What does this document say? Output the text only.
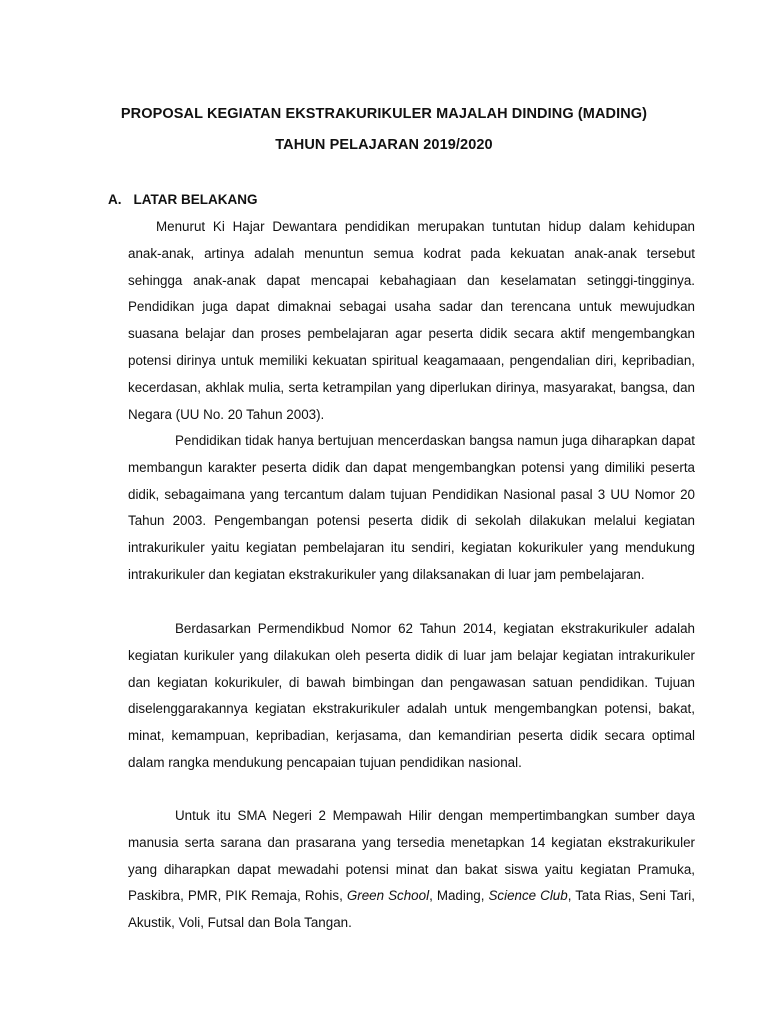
PROPOSAL KEGIATAN EKSTRAKURIKULER MAJALAH DINDING (MADING)
TAHUN PELAJARAN 2019/2020
A. LATAR BELAKANG

Menurut Ki Hajar Dewantara pendidikan merupakan tuntutan hidup dalam kehidupan anak-anak, artinya adalah menuntun semua kodrat pada kekuatan anak-anak tersebut sehingga anak-anak dapat mencapai kebahagiaan dan keselamatan setinggi-tingginya. Pendidikan juga dapat dimaknai sebagai usaha sadar dan terencana untuk mewujudkan suasana belajar dan proses pembelajaran agar peserta didik secara aktif mengembangkan potensi dirinya untuk memiliki kekuatan spiritual keagamaaan, pengendalian diri, kepribadian, kecerdasan, akhlak mulia, serta ketrampilan yang diperlukan dirinya, masyarakat, bangsa, dan Negara (UU No. 20 Tahun 2003).

Pendidikan tidak hanya bertujuan mencerdaskan bangsa namun juga diharapkan dapat membangun karakter peserta didik dan dapat mengembangkan potensi yang dimiliki peserta didik, sebagaimana yang tercantum dalam tujuan Pendidikan Nasional pasal 3 UU Nomor 20 Tahun 2003. Pengembangan potensi peserta didik di sekolah dilakukan melalui kegiatan intrakurikuler yaitu kegiatan pembelajaran itu sendiri, kegiatan kokurikuler yang mendukung intrakurikuler dan kegiatan ekstrakurikuler yang dilaksanakan di luar jam pembelajaran.

Berdasarkan Permendikbud Nomor 62 Tahun 2014, kegiatan ekstrakurikuler adalah kegiatan kurikuler yang dilakukan oleh peserta didik di luar jam belajar kegiatan intrakurikuler dan kegiatan kokurikuler, di bawah bimbingan dan pengawasan satuan pendidikan. Tujuan diselenggarakannya kegiatan ekstrakurikuler adalah untuk mengembangkan potensi, bakat, minat, kemampuan, kepribadian, kerjasama, dan kemandirian peserta didik secara optimal dalam rangka mendukung pencapaian tujuan pendidikan nasional.

Untuk itu SMA Negeri 2 Mempawah Hilir dengan mempertimbangkan sumber daya manusia serta sarana dan prasarana yang tersedia menetapkan 14 kegiatan ekstrakurikuler yang diharapkan dapat mewadahi potensi minat dan bakat siswa yaitu kegiatan Pramuka, Paskibra, PMR, PIK Remaja, Rohis, Green School, Mading, Science Club, Tata Rias, Seni Tari, Akustik, Voli, Futsal dan Bola Tangan.
